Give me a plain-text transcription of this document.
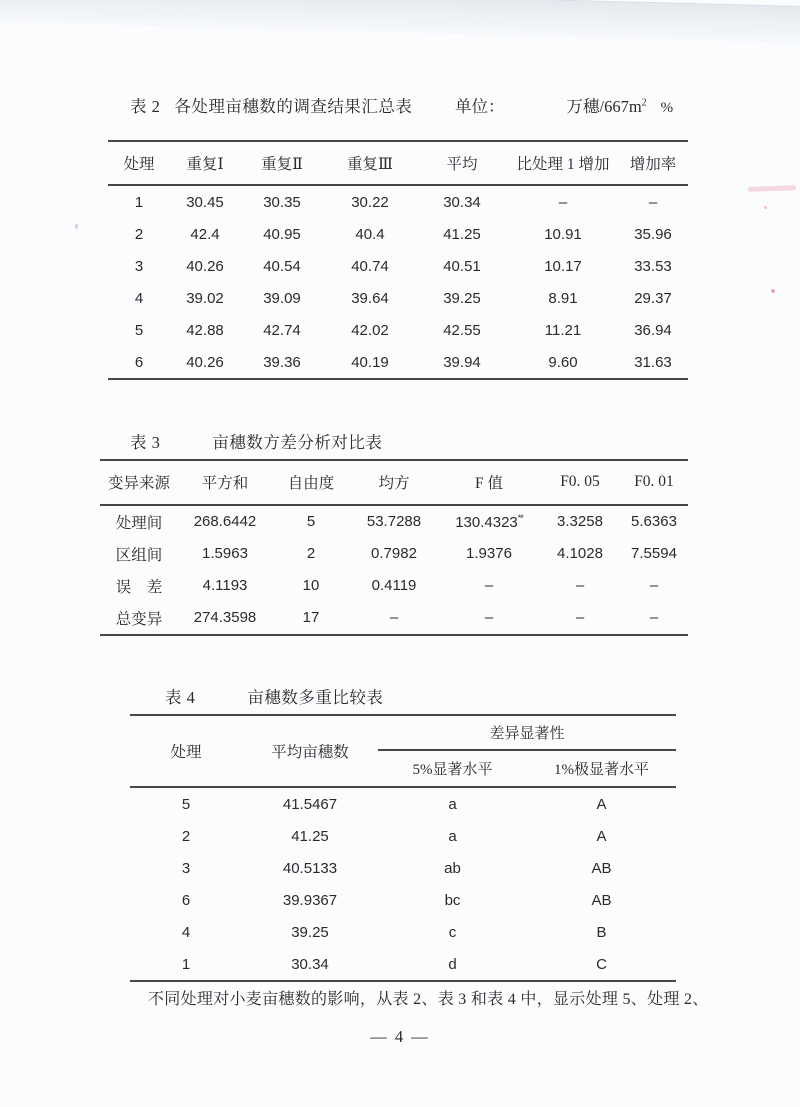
表 2 各处理亩穗数的调查结果汇总表	单位：	万穗$/667m^2$ %
处理	重复Ⅰ	重复Ⅱ	重复Ⅲ	平均	比处理 1 增加	增加率
1	30.45	30.35	30.22	30.34	–	–
2	42.4	40.95	40.4	41.25	10.91	35.96
3	40.26	40.54	40.74	40.51	10.17	33.53
4	39.02	39.09	39.64	39.25	8.91	29.37
5	42.88	42.74	42.02	42.55	11.21	36.94
6	40.26	39.36	40.19	39.94	9.60	31.63
表 3	亩穗数方差分析对比表
变异来源	平方和	自由度	均方	F 值	F0. 05	F0. 01
处理间	268.6442	5	53.7288	130.4323**	3.3258	5.6363
区组间	1.5963	2	0.7982	1.9376	4.1028	7.5594
误　差	4.1193	10	0.4119	–	–	–
总变异	274.3598	17	–	–	–	–
表 4	亩穗数多重比较表
处理	平均亩穗数
差异显著性
5%显著水平	1%极显著水平
5	41.5467	a	A
2	41.25	a	A
3	40.5133	ab	AB
6	39.9367	bc	AB
4	39.25	c	B
1	30.34	d	C
不同处理对小麦亩穗数的影响，从表 2、表 3 和表 4 中，显示处理 5、处理 2、
— 4 —
